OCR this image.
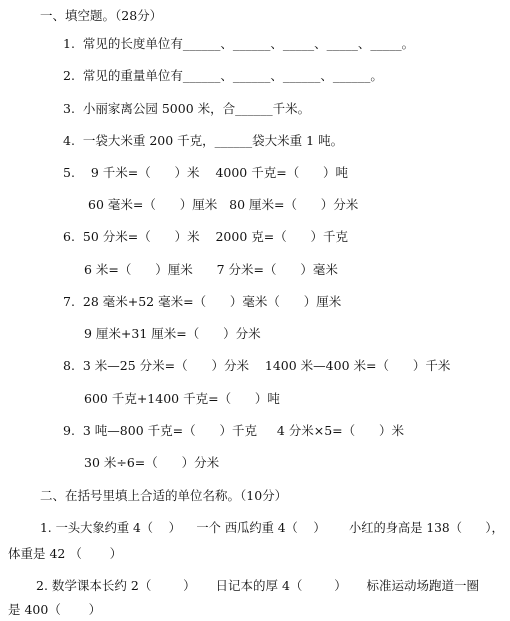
一、填空题。（28分）
1.  常见的长度单位有______、______、_____、_____、_____。
2.  常见的重量单位有______、______、______、______。
3.  小丽家离公园 5000 米，合______千米。
4.  一袋大米重 200 千克，______袋大米重 1 吨。
5.    9 千米=（      ）米    4000 千克=（      ）吨
60 毫米=（      ）厘米   80 厘米=（      ）分米
6.  50 分米=（      ）米    2000 克=（      ）千克
6 米=（      ）厘米      7 分米=（      ）毫米
7.  28 毫米+52 毫米=（      ）毫米（      ）厘米
9 厘米+31 厘米=（      ）分米
8.  3 米—25 分米=（      ）分米    1400 米—400 米=（      ）千米
600 千克+1400 千克=（      ）吨
9.  3 吨—800 千克=（      ）千克     4 分米×5=（      ）米
30 米÷6=（      ）分米
二、在括号里填上合适的单位名称。（10分）
1. 一头大象约重 4（    ）    一个 西瓜约重 4（    ）      小红的身高是 138（      ），
体重是 42 （       ）
2. 数学课本长约 2（        ）     日记本的厚 4（        ）     标准运动场跑道一圈
是 400（       ）
